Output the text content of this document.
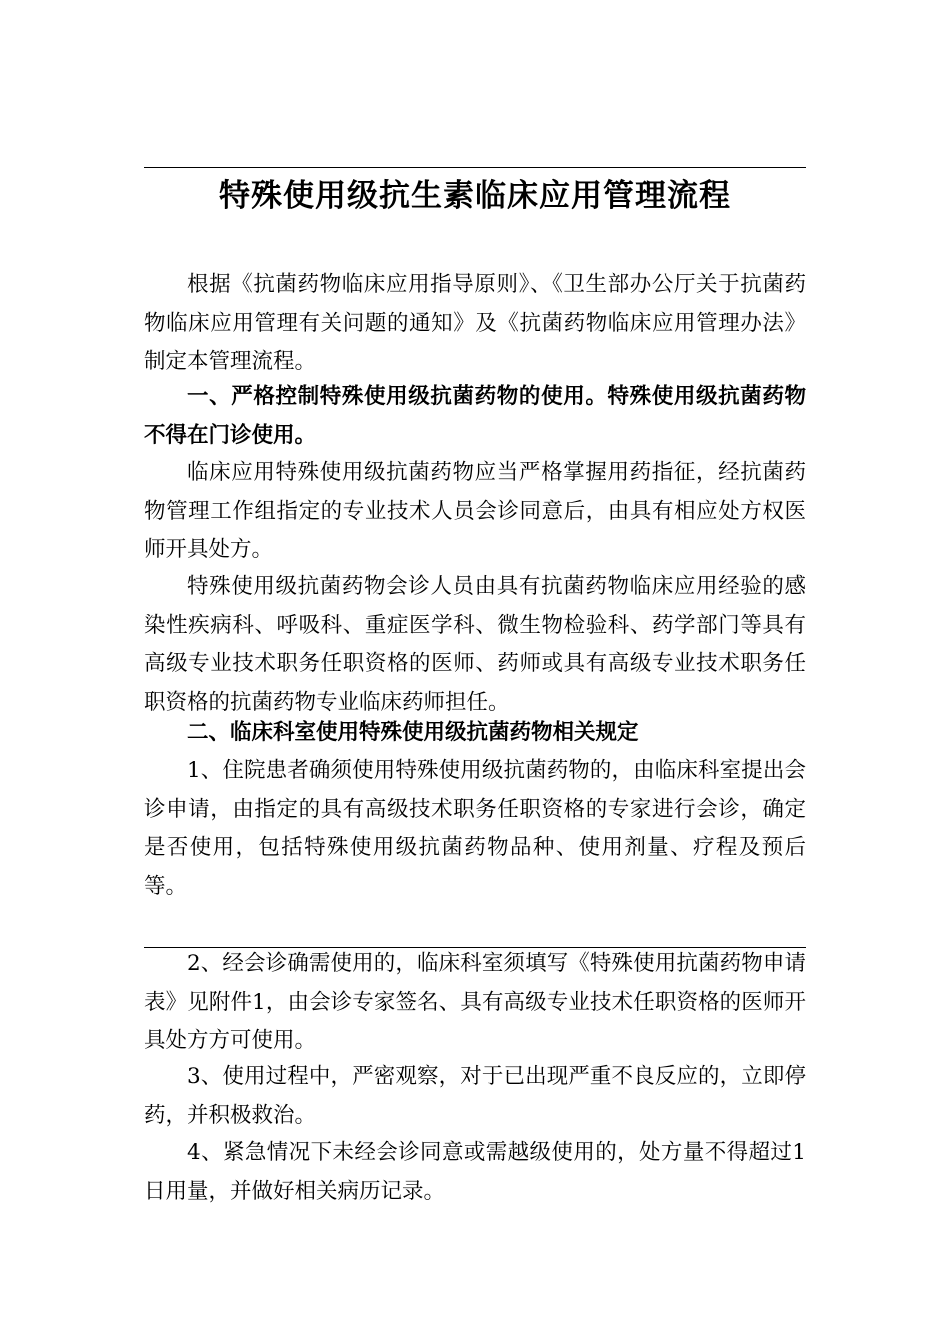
特殊使用级抗生素临床应用管理流程

根据《抗菌药物临床应用指导原则》、《卫生部办公厅关于抗菌药物临床应用管理有关问题的通知》及《抗菌药物临床应用管理办法》制定本管理流程。

一、严格控制特殊使用级抗菌药物的使用。特殊使用级抗菌药物不得在门诊使用。

临床应用特殊使用级抗菌药物应当严格掌握用药指征，经抗菌药物管理工作组指定的专业技术人员会诊同意后，由具有相应处方权医师开具处方。

特殊使用级抗菌药物会诊人员由具有抗菌药物临床应用经验的感染性疾病科、呼吸科、重症医学科、微生物检验科、药学部门等具有高级专业技术职务任职资格的医师、药师或具有高级专业技术职务任职资格的抗菌药物专业临床药师担任。

二、临床科室使用特殊使用级抗菌药物相关规定

1、住院患者确须使用特殊使用级抗菌药物的，由临床科室提出会诊申请，由指定的具有高级技术职务任职资格的专家进行会诊，确定是否使用，包括特殊使用级抗菌药物品种、使用剂量、疗程及预后等。

2、经会诊确需使用的，临床科室须填写《特殊使用抗菌药物申请表》见附件1，由会诊专家签名、具有高级专业技术任职资格的医师开具处方方可使用。

3、使用过程中，严密观察，对于已出现严重不良反应的，立即停药，并积极救治。

4、紧急情况下未经会诊同意或需越级使用的，处方量不得超过1日用量，并做好相关病历记录。
